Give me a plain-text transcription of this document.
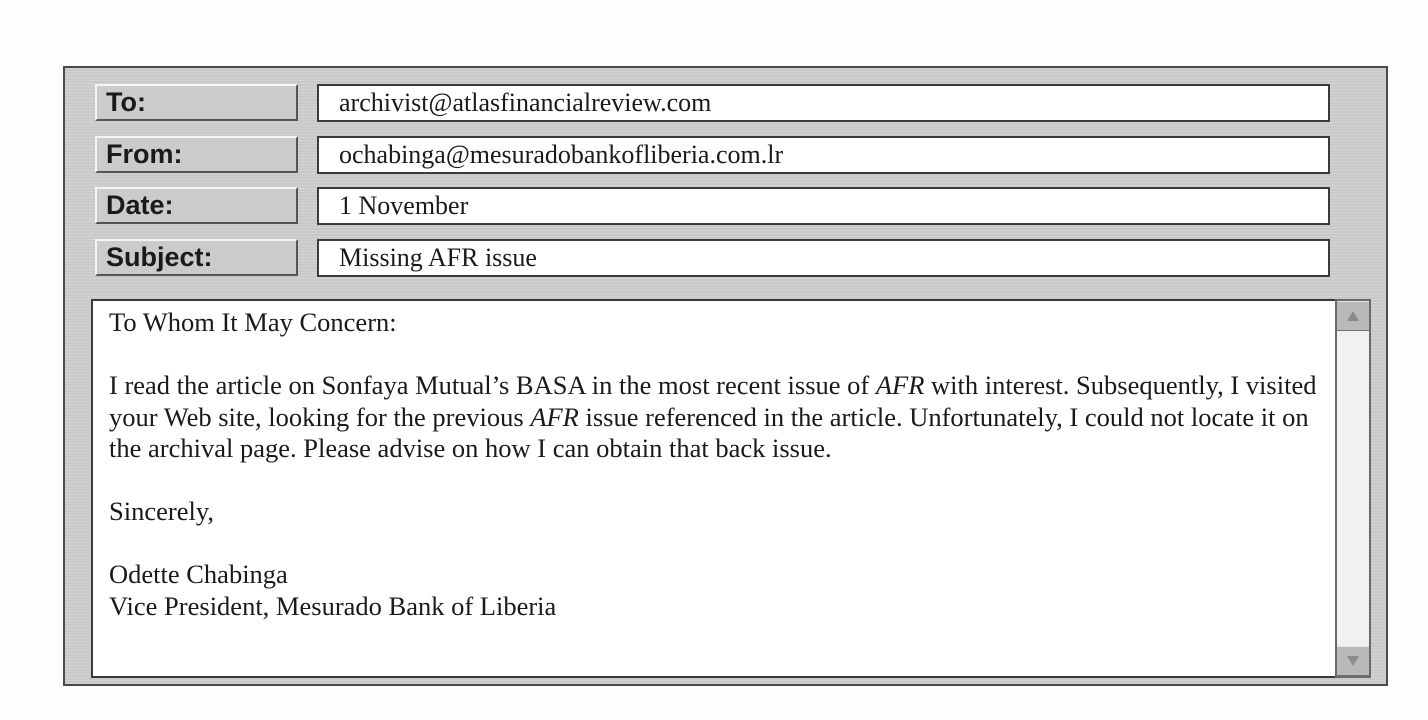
To:	archivist@atlasfinancialreview.com
From:	ochabinga@mesuradobankofliberia.com.lr
Date:	1 November
Subject:	Missing AFR issue

To Whom It May Concern:

I read the article on Sonfaya Mutual’s BASA in the most recent issue of AFR with interest. Subsequently, I visited your Web site, looking for the previous AFR issue referenced in the article. Unfortunately, I could not locate it on the archival page. Please advise on how I can obtain that back issue.

Sincerely,

Odette Chabinga
Vice President, Mesurado Bank of Liberia
